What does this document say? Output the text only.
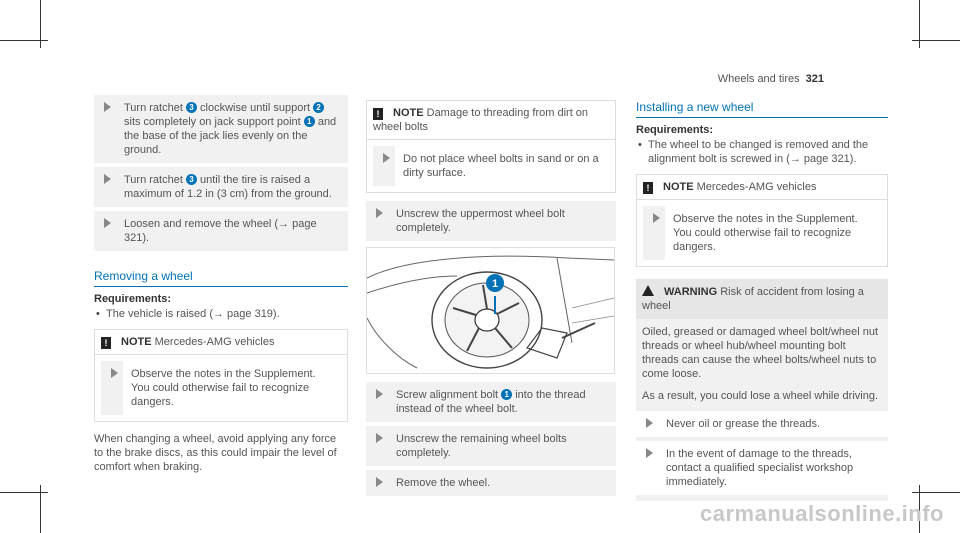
Wheels and tires 321
Turn ratchet 3 clockwise until support 2 sits completely on jack support point 1 and the base of the jack lies evenly on the ground.
Turn ratchet 3 until the tire is raised a maximum of 1.2 in (3 cm) from the ground.
Loosen and remove the wheel (→ page 321).
Removing a wheel
Requirements:
• The vehicle is raised (→ page 319).
! NOTE Mercedes-AMG vehicles
Observe the notes in the Supplement. You could otherwise fail to recognize dangers.
When changing a wheel, avoid applying any force to the brake discs, as this could impair the level of comfort when braking.
! NOTE Damage to threading from dirt on wheel bolts
Do not place wheel bolts in sand or on a dirty surface.
Unscrew the uppermost wheel bolt completely.
1
Screw alignment bolt 1 into the thread instead of the wheel bolt.
Unscrew the remaining wheel bolts completely.
Remove the wheel.
Installing a new wheel
Requirements:
• The wheel to be changed is removed and the alignment bolt is screwed in (→ page 321).
! NOTE Mercedes-AMG vehicles
Observe the notes in the Supplement. You could otherwise fail to recognize dangers.
WARNING Risk of accident from losing a wheel

Oiled, greased or damaged wheel bolt/wheel nut threads or wheel hub/wheel mounting bolt threads can cause the wheel bolts/wheel nuts to come loose.

As a result, you could lose a wheel while driving.

Never oil or grease the threads.
In the event of damage to the threads, contact a qualified specialist workshop immediately.
carmanualsonline.info
